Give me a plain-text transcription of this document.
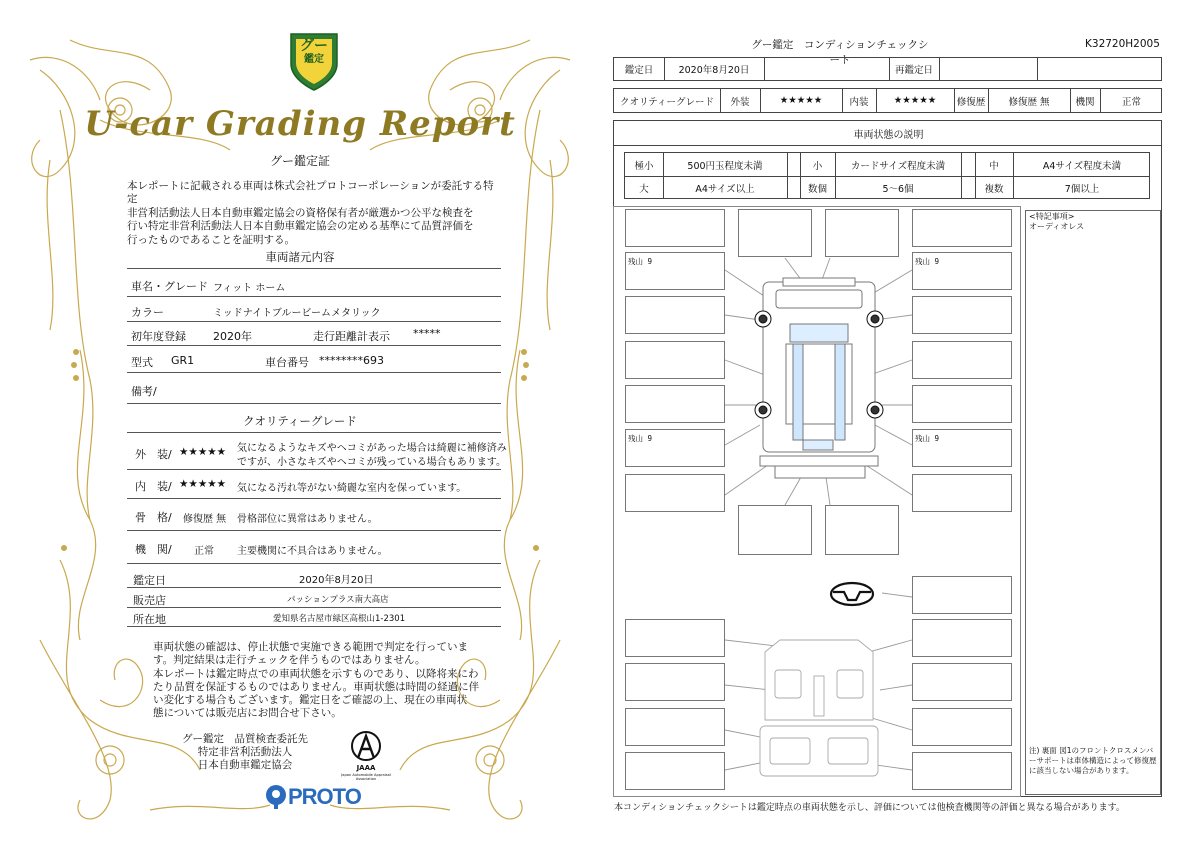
グー
鑑定
U-car Grading Report
グー鑑定証
本レポートに記載される車両は株式会社プロトコーポレーションが委託する特定
非営利活動法人日本自動車鑑定協会の資格保有者が厳選かつ公平な検査を
行い特定非営利活動法人日本自動車鑑定協会の定める基準にて品質評価を
行ったものであることを証明する。
車両諸元内容
車名・グレード フィット ホーム
カラー	ミッドナイトブルービームメタリック
初年度登録 2020年	走行距離計表示 *****
型式 GR1	車台番号 ********693
備考/
クオリティーグレード
外　装/ ★★★★★ 気になるようなキズやヘコミがあった場合は綺麗に補修済み
ですが、小さなキズやヘコミが残っている場合もあります。
内　装/ ★★★★★ 気になる汚れ等がない綺麗な室内を保っています。
骨　格/ 修復歴 無 骨格部位に異常はありません。
機　関/ 正常 主要機関に不具合はありません。
鑑定日	2020年8月20日
販売店	パッションプラス南大高店
所在地	愛知県名古屋市緑区高根山1-2301
車両状態の確認は、停止状態で実施できる範囲で判定を行っていま
す。判定結果は走行チェックを伴うものではありません。
本レポートは鑑定時点での車両状態を示すものであり、以降将来にわ
たり品質を保証するものではありません。車両状態は時間の経過に伴
い変化する場合もございます。鑑定日をご確認の上、現在の車両状
態については販売店にお問合せ下さい。
グー鑑定　品質検査委託先
特定非営利活動法人
日本自動車鑑定協会	JAAA
Japan Automobile Appraisal Association
PROTO
グー鑑定　コンディションチェックシート
K32720H2005
鑑定日	2020年8月20日	再鑑定日
クオリティーグレード	外装	★★★★★	内装	★★★★★	修復歴	修復歴 無	機関	正常
車両状態の説明
極小	500円玉程度未満	小	カードサイズ程度未満	中	A4サイズ程度未満
大	A4サイズ以上	数個	5～6個	複数	7個以上
残山 9	残山 9
残山 9	残山 9
<特記事項>
オーディオレス
注) 裏面 図1のフロントクロスメンバーサポートは車体構造によって修復歴に該当しない場合があります。
本コンディションチェックシートは鑑定時点の車両状態を示し、評価については他検査機関等の評価と異なる場合があります。
